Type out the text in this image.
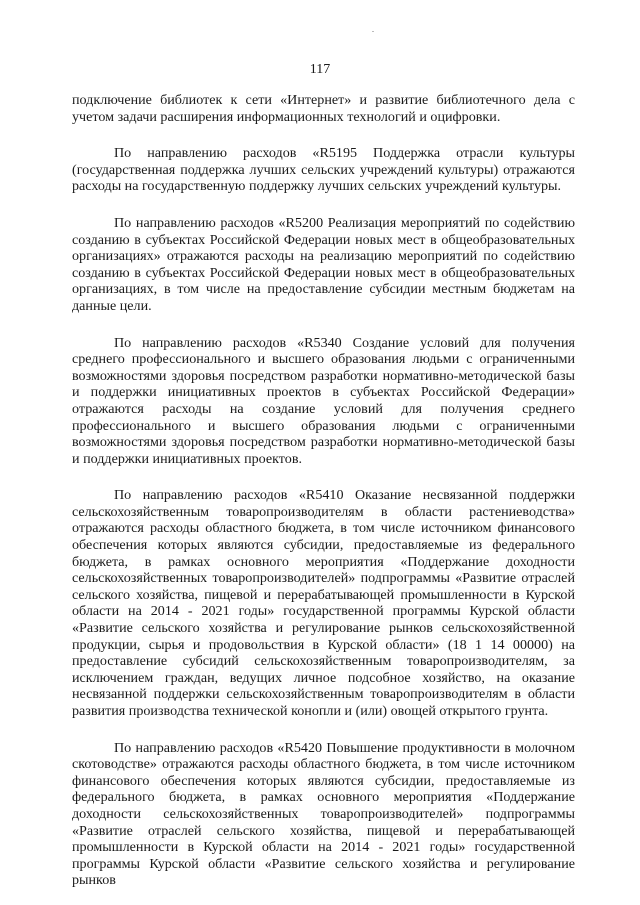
117

подключение библиотек к сети «Интернет» и развитие библиотечного дела с учетом задачи расширения информационных технологий и оцифровки.

По направлению расходов «R5195 Поддержка отрасли культуры (государственная поддержка лучших сельских учреждений культуры) отражаются расходы на государственную поддержку лучших сельских учреждений культуры.

По направлению расходов «R5200 Реализация мероприятий по содействию созданию в субъектах Российской Федерации новых мест в общеобразовательных организациях» отражаются расходы на реализацию мероприятий по содействию созданию в субъектах Российской Федерации новых мест в общеобразовательных организациях, в том числе на предоставление субсидии местным бюджетам на данные цели.

По направлению расходов «R5340 Создание условий для получения среднего профессионального и высшего образования людьми с ограниченными возможностями здоровья посредством разработки нормативно-методической базы и поддержки инициативных проектов в субъектах Российской Федерации» отражаются расходы на создание условий для получения среднего профессионального и высшего образования людьми с ограниченными возможностями здоровья посредством разработки нормативно-методической базы и поддержки инициативных проектов.

По направлению расходов «R5410 Оказание несвязанной поддержки сельскохозяйственным товаропроизводителям в области растениеводства» отражаются расходы областного бюджета, в том числе источником финансового обеспечения которых являются субсидии, предоставляемые из федерального бюджета, в рамках основного мероприятия «Поддержание доходности сельскохозяйственных товаропроизводителей» подпрограммы «Развитие отраслей сельского хозяйства, пищевой и перерабатывающей промышленности в Курской области на 2014 - 2021 годы» государственной программы Курской области «Развитие сельского хозяйства и регулирование рынков сельскохозяйственной продукции, сырья и продовольствия в Курской области» (18 1 14 00000) на предоставление субсидий сельскохозяйственным товаропроизводителям, за исключением граждан, ведущих личное подсобное хозяйство, на оказание несвязанной поддержки сельскохозяйственным товаропроизводителям в области развития производства технической конопли и (или) овощей открытого грунта.

По направлению расходов «R5420 Повышение продуктивности в молочном скотоводстве» отражаются расходы областного бюджета, в том числе источником финансового обеспечения которых являются субсидии, предоставляемые из федерального бюджета, в рамках основного мероприятия «Поддержание доходности сельскохозяйственных товаропроизводителей» подпрограммы «Развитие отраслей сельского хозяйства, пищевой и перерабатывающей промышленности в Курской области на 2014 - 2021 годы» государственной программы Курской области «Развитие сельского хозяйства и регулирование рынков
